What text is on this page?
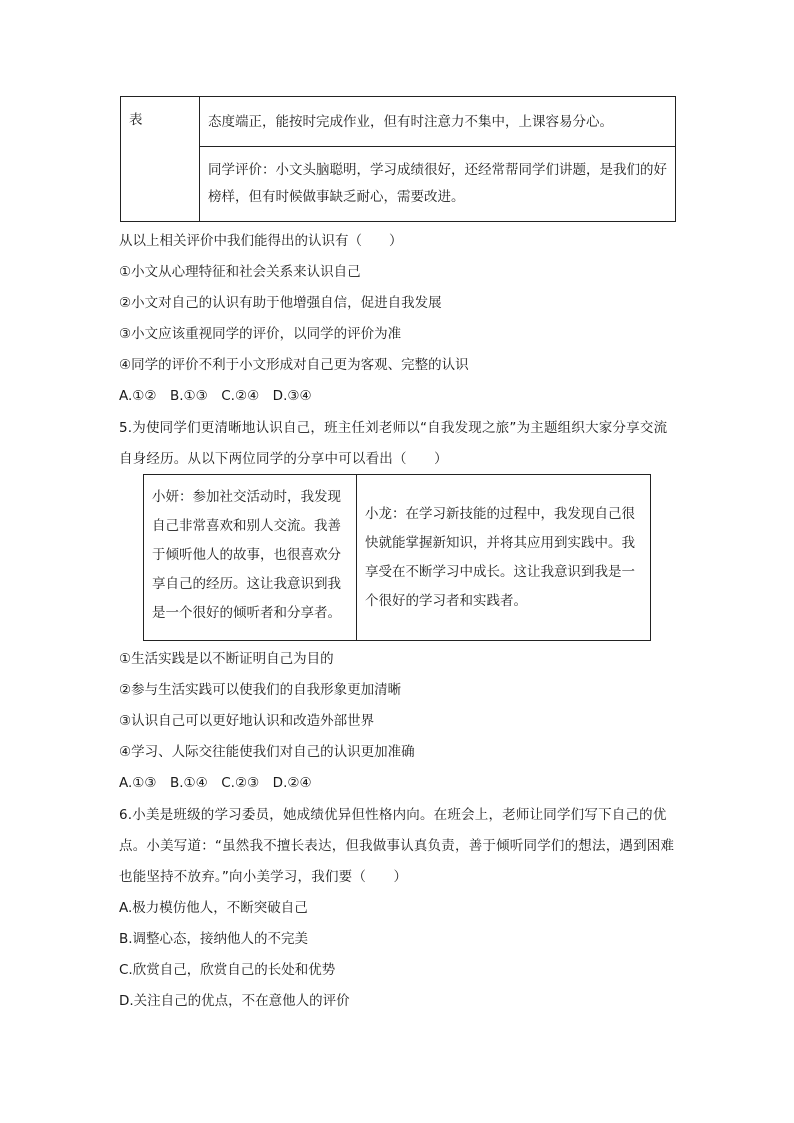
表	态度端正，能按时完成作业，但有时注意力不集中，上课容易分心。
同学评价：小文头脑聪明，学习成绩很好，还经常帮同学们讲题，是我们的好榜样，但有时候做事缺乏耐心，需要改进。
从以上相关评价中我们能得出的认识有（　　）
①小文从心理特征和社会关系来认识自己
②小文对自己的认识有助于他增强自信，促进自我发展
③小文应该重视同学的评价，以同学的评价为准
④同学的评价不利于小文形成对自己更为客观、完整的认识
A.①②　B.①③　C.②④　D.③④
5.为使同学们更清晰地认识自己，班主任刘老师以“自我发现之旅”为主题组织大家分享交流自身经历。从以下两位同学的分享中可以看出（　　）
小妍：参加社交活动时，我发现自己非常喜欢和别人交流。我善于倾听他人的故事，也很喜欢分享自己的经历。这让我意识到我是一个很好的倾听者和分享者。	小龙：在学习新技能的过程中，我发现自己很快就能掌握新知识，并将其应用到实践中。我享受在不断学习中成长。这让我意识到我是一个很好的学习者和实践者。
①生活实践是以不断证明自己为目的
②参与生活实践可以使我们的自我形象更加清晰
③认识自己可以更好地认识和改造外部世界
④学习、人际交往能使我们对自己的认识更加准确
A.①③　B.①④　C.②③　D.②④
6.小美是班级的学习委员，她成绩优异但性格内向。在班会上，老师让同学们写下自己的优点。小美写道：“虽然我不擅长表达，但我做事认真负责，善于倾听同学们的想法，遇到困难也能坚持不放弃。”向小美学习，我们要（　　）
A.极力模仿他人，不断突破自己
B.调整心态，接纳他人的不完美
C.欣赏自己，欣赏自己的长处和优势
D.关注自己的优点，不在意他人的评价
